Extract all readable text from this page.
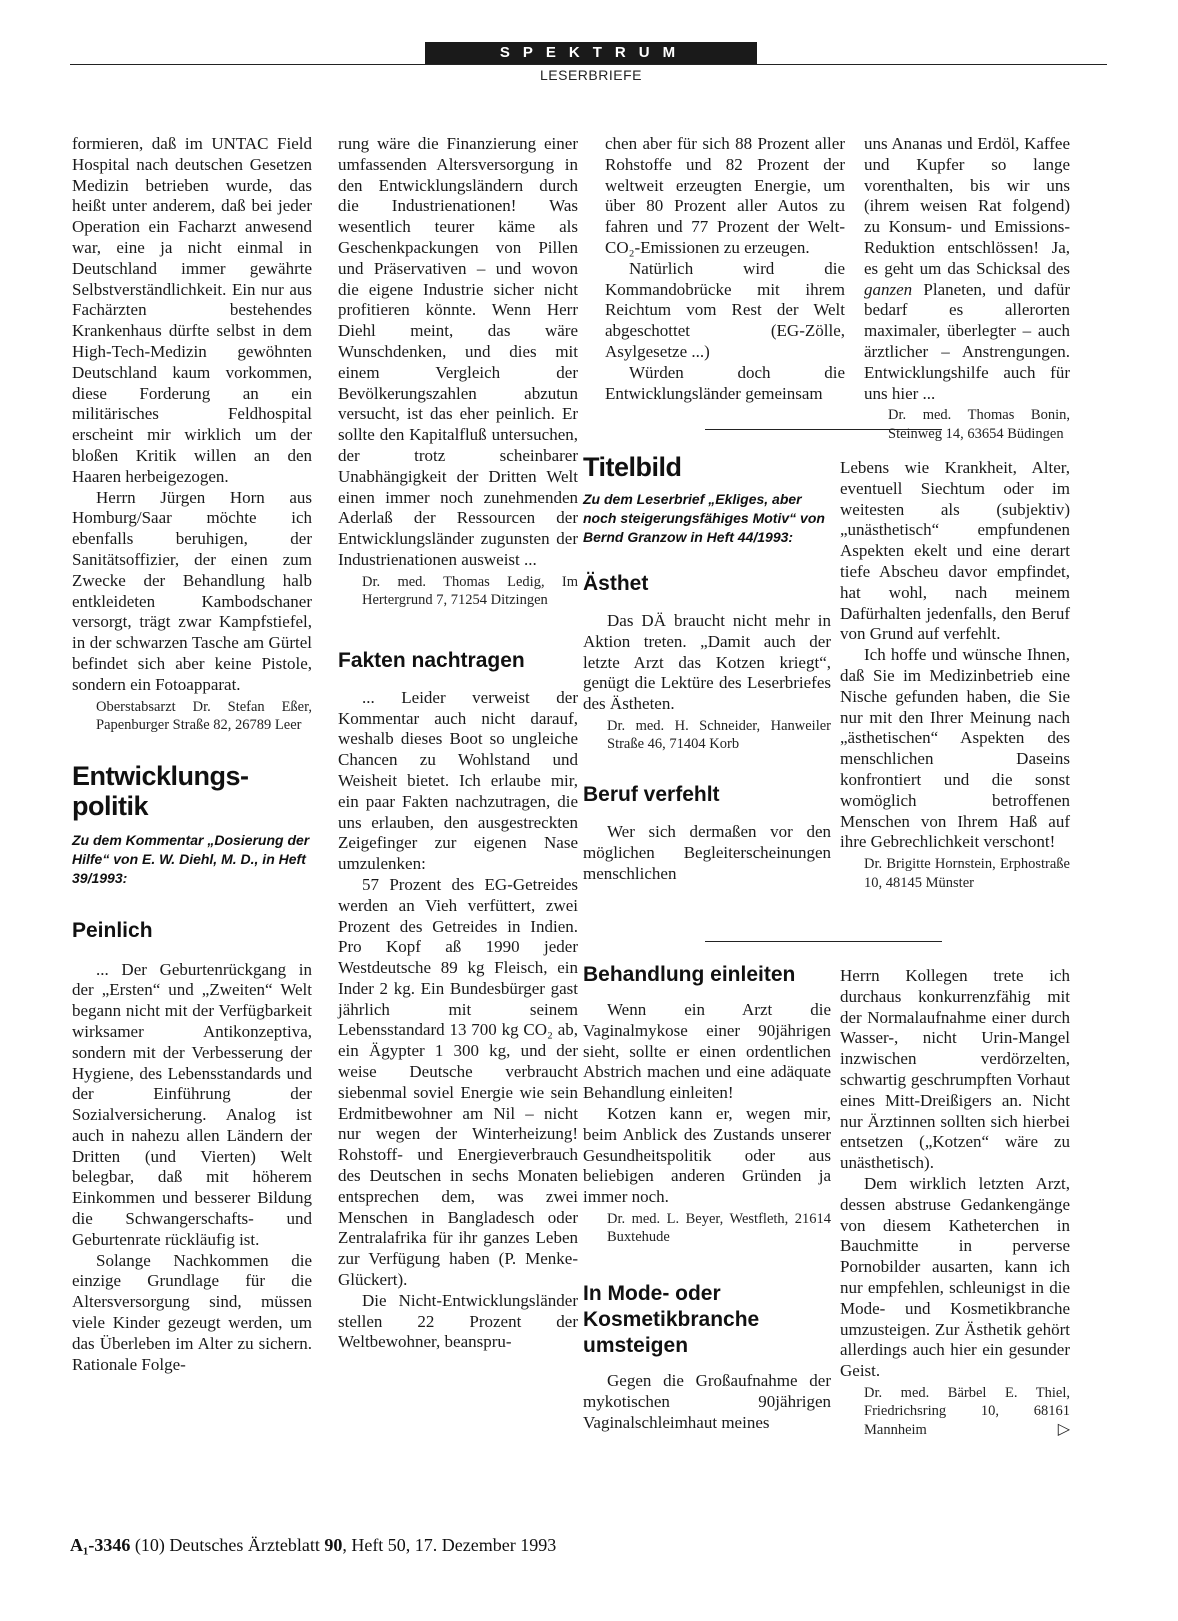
SPEKTRUM
LESERBRIEFE

formieren, daß im UNTAC Field Hospital nach deutschen Gesetzen Medizin betrieben wurde, das heißt unter anderem, daß bei jeder Operation ein Facharzt anwesend war, eine ja nicht einmal in Deutschland immer gewährte Selbstverständlichkeit. Ein nur aus Fachärzten bestehendes Krankenhaus dürfte selbst in dem High-Tech-Medizin gewöhnten Deutschland kaum vorkommen, diese Forderung an ein militärisches Feldhospital erscheint mir wirklich um der bloßen Kritik willen an den Haaren herbeigezogen.

Herrn Jürgen Horn aus Homburg/Saar möchte ich ebenfalls beruhigen, der Sanitätsoffizier, der einen zum Zwecke der Behandlung halb entkleideten Kambodschaner versorgt, trägt zwar Kampfstiefel, in der schwarzen Tasche am Gürtel befindet sich aber keine Pistole, sondern ein Fotoapparat.

Oberstabsarzt Dr. Stefan Eßer, Papenburger Straße 82, 26789 Leer
Entwicklungs-politik
Zu dem Kommentar „Dosierung der Hilfe“ von E. W. Diehl, M. D., in Heft 39/1993:
Peinlich

... Der Geburtenrückgang in der „Ersten“ und „Zweiten“ Welt begann nicht mit der Verfügbarkeit wirksamer Antikonzeptiva, sondern mit der Verbesserung der Hygiene, des Lebensstandards und der Einführung der Sozialversicherung. Analog ist auch in nahezu allen Ländern der Dritten (und Vierten) Welt belegbar, daß mit höherem Einkommen und besserer Bildung die Schwangerschafts- und Geburtenrate rückläufig ist.

Solange Nachkommen die einzige Grundlage für die Altersversorgung sind, müssen viele Kinder gezeugt werden, um das Überleben im Alter zu sichern. Rationale Folge-

rung wäre die Finanzierung einer umfassenden Altersversorgung in den Entwicklungsländern durch die Industrienationen! Was wesentlich teurer käme als Geschenkpackungen von Pillen und Präservativen – und wovon die eigene Industrie sicher nicht profitieren könnte. Wenn Herr Diehl meint, das wäre Wunschdenken, und dies mit einem Vergleich der Bevölkerungszahlen abzutun versucht, ist das eher peinlich. Er sollte den Kapitalfluß untersuchen, der trotz scheinbarer Unabhängigkeit der Dritten Welt einen immer noch zunehmenden Aderlaß der Ressourcen der Entwicklungsländer zugunsten der Industrienationen ausweist ...

Dr. med. Thomas Ledig, Im Hertergrund 7, 71254 Ditzingen
Fakten nachtragen

... Leider verweist der Kommentar auch nicht darauf, weshalb dieses Boot so ungleiche Chancen zu Wohlstand und Weisheit bietet. Ich erlaube mir, ein paar Fakten nachzutragen, die uns erlauben, den ausgestreckten Zeigefinger zur eigenen Nase umzulenken:

57 Prozent des EG-Getreides werden an Vieh verfüttert, zwei Prozent des Getreides in Indien. Pro Kopf aß 1990 jeder Westdeutsche 89 kg Fleisch, ein Inder 2 kg. Ein Bundesbürger gast jährlich mit seinem Lebensstandard 13 700 kg CO₂ ab, ein Ägypter 1 300 kg, und der weise Deutsche verbraucht siebenmal soviel Energie wie sein Erdmitbewohner am Nil – nicht nur wegen der Winterheizung! Rohstoff- und Energieverbrauch des Deutschen in sechs Monaten entsprechen dem, was zwei Menschen in Bangladesch oder Zentralafrika für ihr ganzes Leben zur Verfügung haben (P. Menke-Glückert).

Die Nicht-Entwicklungsländer stellen 22 Prozent der Weltbewohner, beanspru-

chen aber für sich 88 Prozent aller Rohstoffe und 82 Prozent der weltweit erzeugten Energie, um über 80 Prozent aller Autos zu fahren und 77 Prozent der Welt-CO₂-Emissionen zu erzeugen.

Natürlich wird die Kommandobrücke mit ihrem Reichtum vom Rest der Welt abgeschottet (EG-Zölle, Asylgesetze ...)

Würden doch die Entwicklungsländer gemeinsam

Titelbild
Zu dem Leserbrief „Ekliges, aber noch steigerungsfähiges Motiv“ von Bernd Granzow in Heft 44/1993:
Ästhet

Das DÄ braucht nicht mehr in Aktion treten. „Damit auch der letzte Arzt das Kotzen kriegt“, genügt die Lektüre des Leserbriefes des Ästheten.

Dr. med. H. Schneider, Hanweiler Straße 46, 71404 Korb
Beruf verfehlt

Wer sich dermaßen vor den möglichen Begleiterscheinungen menschlichen

Behandlung einleiten

Wenn ein Arzt die Vaginalmykose einer 90jährigen sieht, sollte er einen ordentlichen Abstrich machen und eine adäquate Behandlung einleiten!

Kotzen kann er, wegen mir, beim Anblick des Zustands unserer Gesundheitspolitik oder aus beliebigen anderen Gründen ja immer noch.

Dr. med. L. Beyer, Westfleth, 21614 Buxtehude
In Mode- oder Kosmetikbranche umsteigen

Gegen die Großaufnahme der mykotischen 90jährigen Vaginalschleimhaut meines

uns Ananas und Erdöl, Kaffee und Kupfer so lange vorenthalten, bis wir uns (ihrem weisen Rat folgend) zu Konsum- und Emissions-Reduktion entschlössen! Ja, es geht um das Schicksal des ganzen Planeten, und dafür bedarf es allerorten maximaler, überlegter – auch ärztlicher – Anstrengungen. Entwicklungshilfe auch für uns hier ...

Dr. med. Thomas Bonin, Steinweg 14, 63654 Büdingen

Lebens wie Krankheit, Alter, eventuell Siechtum oder im weitesten als (subjektiv) „unästhetisch“ empfundenen Aspekten ekelt und eine derart tiefe Abscheu davor empfindet, hat wohl, nach meinem Dafürhalten jedenfalls, den Beruf von Grund auf verfehlt.

Ich hoffe und wünsche Ihnen, daß Sie im Medizinbetrieb eine Nische gefunden haben, die Sie nur mit den Ihrer Meinung nach „ästhetischen“ Aspekten des menschlichen Daseins konfrontiert und die sonst womöglich betroffenen Menschen von Ihrem Haß auf ihre Gebrechlichkeit verschont!

Dr. Brigitte Hornstein, Erphostraße 10, 48145 Münster

Herrn Kollegen trete ich durchaus konkurrenzfähig mit der Normalaufnahme einer durch Wasser-, nicht Urin-Mangel inzwischen verdörzelten, schwartig geschrumpften Vorhaut eines Mitt-Dreißigers an. Nicht nur Ärztinnen sollten sich hierbei entsetzen („Kotzen“ wäre zu unästhetisch).

Dem wirklich letzten Arzt, dessen abstruse Gedankengänge von diesem Katheterchen in Bauchmitte in perverse Pornobilder ausarten, kann ich nur empfehlen, schleunigst in die Mode- und Kosmetikbranche umzusteigen. Zur Ästhetik gehört allerdings auch hier ein gesunder Geist.

Dr. med. Bärbel E. Thiel, Friedrichsring 10, 68161 Mannheim	▷
A₁-3346 (10) Deutsches Ärzteblatt 90, Heft 50, 17. Dezember 1993
